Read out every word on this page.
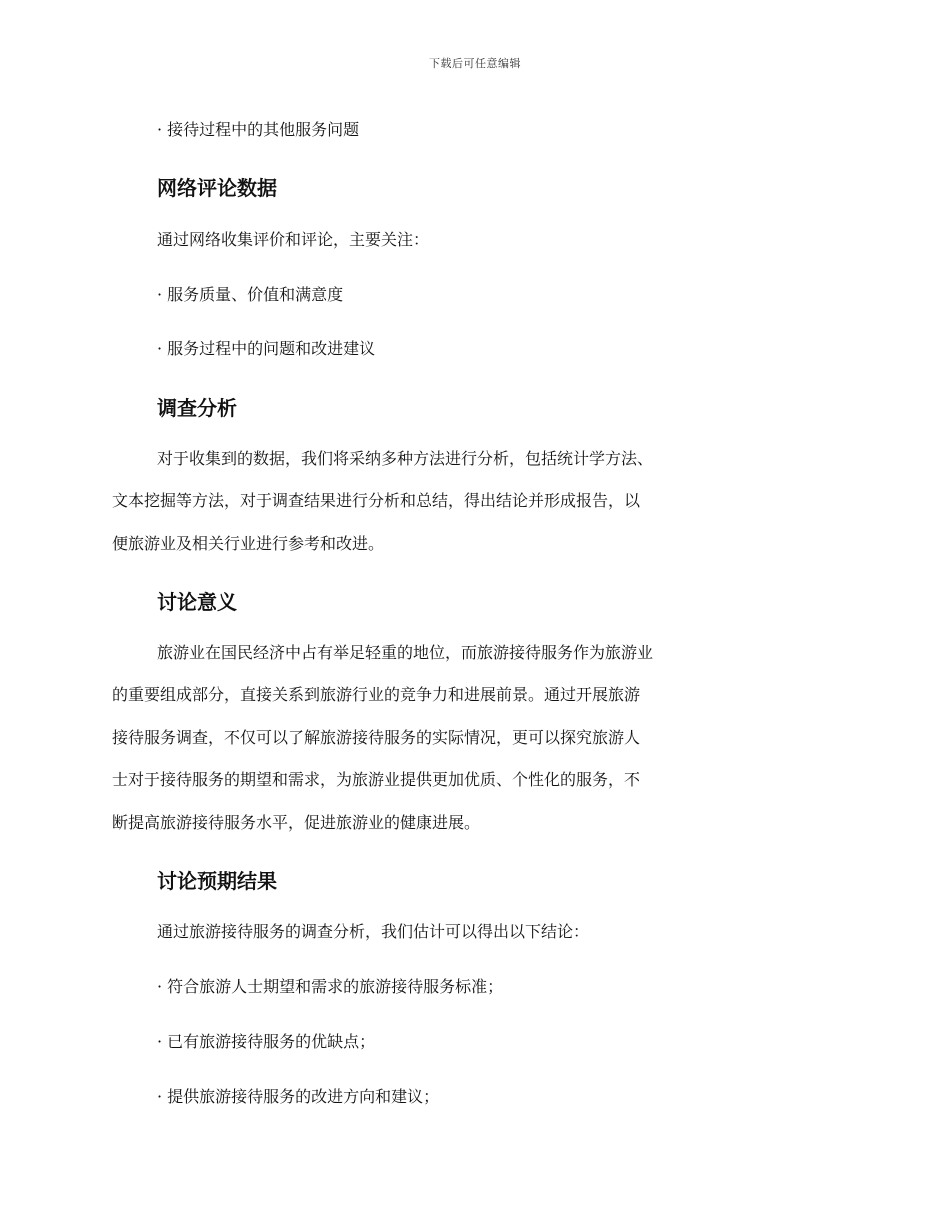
下载后可任意编辑
· 接待过程中的其他服务问题
网络评论数据
通过网络收集评价和评论，主要关注：
· 服务质量、价值和满意度
· 服务过程中的问题和改进建议
调查分析
对于收集到的数据，我们将采纳多种方法进行分析，包括统计学方法、
文本挖掘等方法，对于调查结果进行分析和总结，得出结论并形成报告，以
便旅游业及相关行业进行参考和改进。
讨论意义
旅游业在国民经济中占有举足轻重的地位，而旅游接待服务作为旅游业
的重要组成部分，直接关系到旅游行业的竞争力和进展前景。通过开展旅游
接待服务调查，不仅可以了解旅游接待服务的实际情况，更可以探究旅游人
士对于接待服务的期望和需求，为旅游业提供更加优质、个性化的服务，不
断提高旅游接待服务水平，促进旅游业的健康进展。
讨论预期结果
通过旅游接待服务的调查分析，我们估计可以得出以下结论：
· 符合旅游人士期望和需求的旅游接待服务标准；
· 已有旅游接待服务的优缺点；
· 提供旅游接待服务的改进方向和建议；
